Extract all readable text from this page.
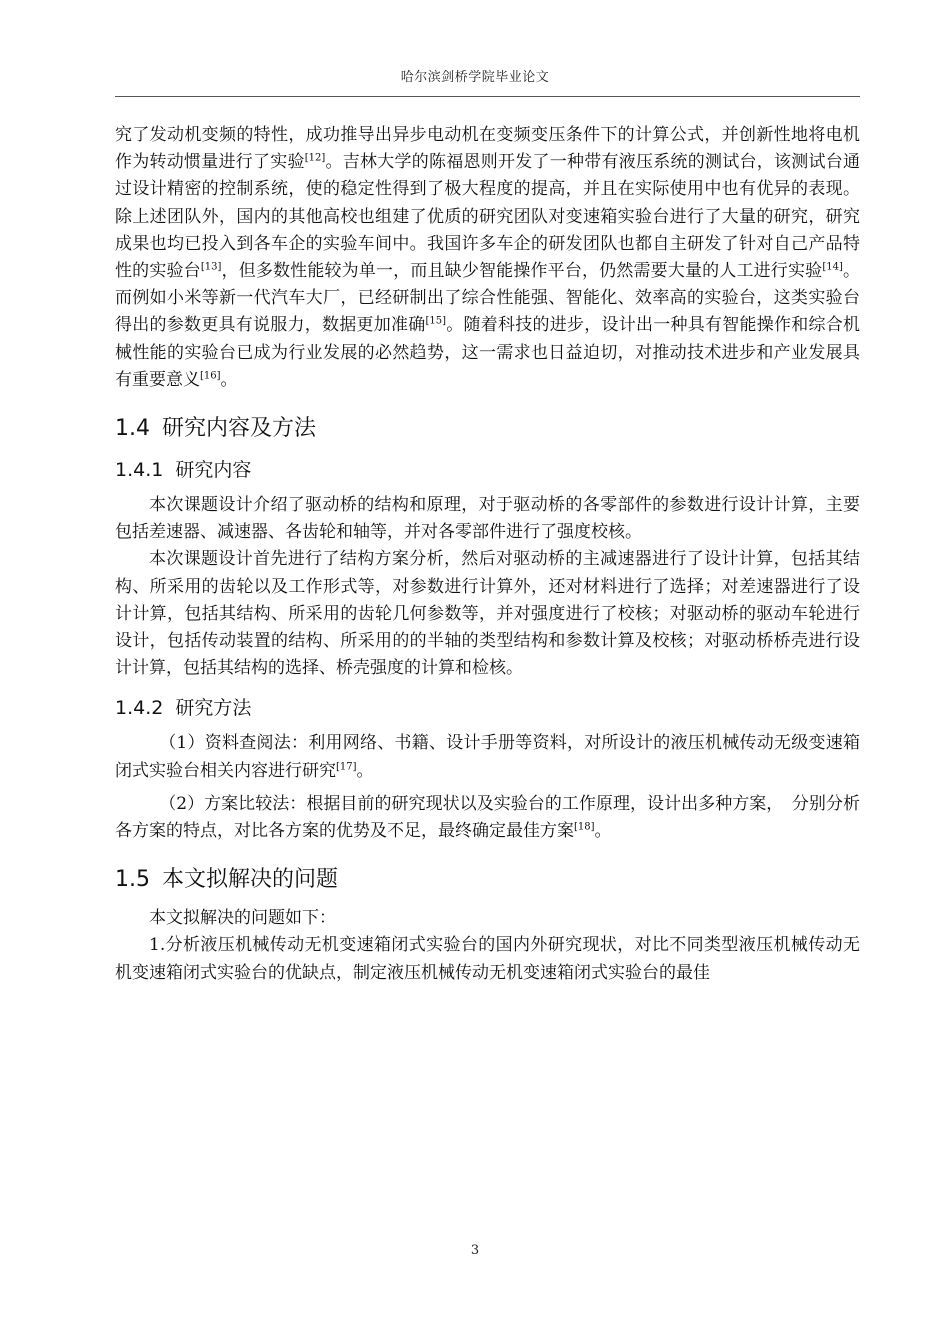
哈尔滨剑桥学院毕业论文

究了发动机变频的特性，成功推导出异步电动机在变频变压条件下的计算公式，并创新性地将电机作为转动惯量进行了实验[12]。吉林大学的陈福恩则开发了一种带有液压系统的测试台，该测试台通过设计精密的控制系统，使的稳定性得到了极大程度的提高，并且在实际使用中也有优异的表现。除上述团队外，国内的其他高校也组建了优质的研究团队对变速箱实验台进行了大量的研究，研究成果也均已投入到各车企的实验车间中。我国许多车企的研发团队也都自主研发了针对自己产品特性的实验台[13]，但多数性能较为单一，而且缺少智能操作平台，仍然需要大量的人工进行实验[14]。而例如小米等新一代汽车大厂，已经研制出了综合性能强、智能化、效率高的实验台，这类实验台得出的参数更具有说服力，数据更加准确[15]。随着科技的进步，设计出一种具有智能操作和综合机械性能的实验台已成为行业发展的必然趋势，这一需求也日益迫切，对推动技术进步和产业发展具有重要意义[16]。

1.4 研究内容及方法
1.4.1 研究内容

本次课题设计介绍了驱动桥的结构和原理，对于驱动桥的各零部件的参数进行设计计算，主要包括差速器、减速器、各齿轮和轴等，并对各零部件进行了强度校核。

本次课题设计首先进行了结构方案分析，然后对驱动桥的主减速器进行了设计计算，包括其结构、所采用的齿轮以及工作形式等，对参数进行计算外，还对材料进行了选择；对差速器进行了设计计算，包括其结构、所采用的齿轮几何参数等，并对强度进行了校核；对驱动桥的驱动车轮进行设计，包括传动装置的结构、所采用的的半轴的类型结构和参数计算及校核；对驱动桥桥壳进行设计计算，包括其结构的选择、桥壳强度的计算和检核。

1.4.2 研究方法

（1）资料查阅法：利用网络、书籍、设计手册等资料，对所设计的液压机械传动无级变速箱闭式实验台相关内容进行研究[17]。

（2）方案比较法：根据目前的研究现状以及实验台的工作原理，设计出多种方案，　分别分析各方案的特点，对比各方案的优势及不足，最终确定最佳方案[18]。

1.5 本文拟解决的问题

本文拟解决的问题如下：

1.分析液压机械传动无机变速箱闭式实验台的国内外研究现状，对比不同类型液压机械传动无机变速箱闭式实验台的优缺点，制定液压机械传动无机变速箱闭式实验台的最佳

3
